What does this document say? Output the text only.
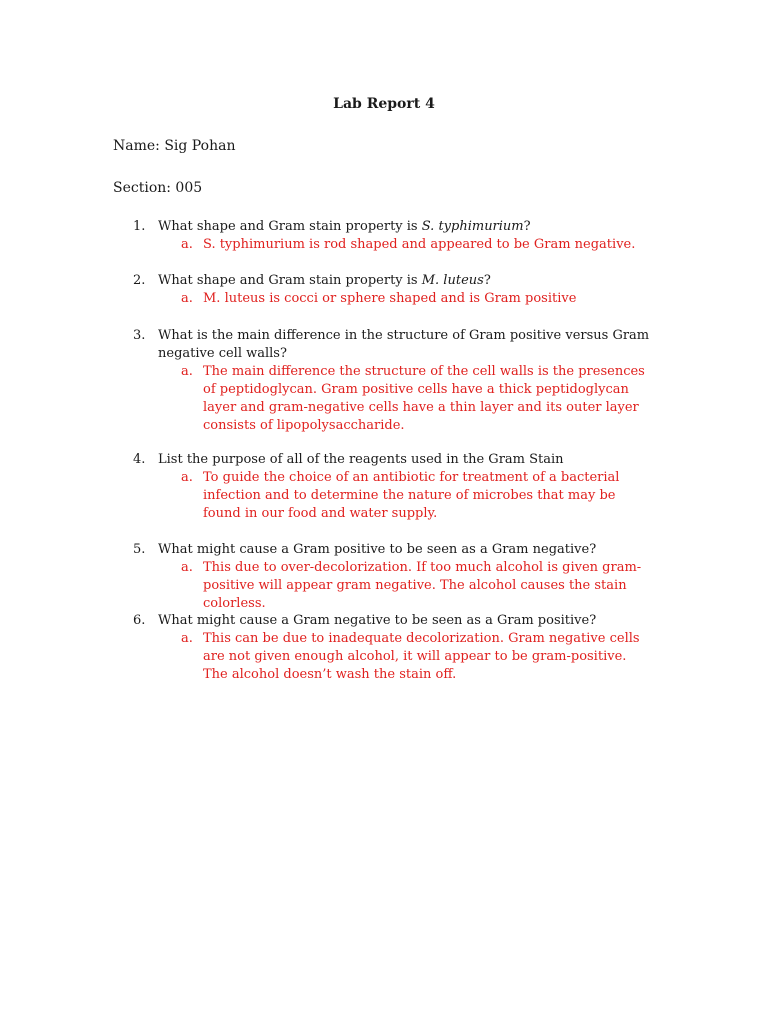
Lab Report 4
Name: Sig Pohan
Section: 005
1. What shape and Gram stain property is S. typhimurium?
a. S. typhimurium is rod shaped and appeared to be Gram negative.
2. What shape and Gram stain property is M. luteus?
a. M. luteus is cocci or sphere shaped and is Gram positive
3. What is the main difference in the structure of Gram positive versus Gram negative cell walls?
a. The main difference the structure of the cell walls is the presences of peptidoglycan. Gram positive cells have a thick peptidoglycan layer and gram-negative cells have a thin layer and its outer layer consists of lipopolysaccharide.
4. List the purpose of all of the reagents used in the Gram Stain
a. To guide the choice of an antibiotic for treatment of a bacterial infection and to determine the nature of microbes that may be found in our food and water supply.
5. What might cause a Gram positive to be seen as a Gram negative?
a. This due to over-decolorization. If too much alcohol is given gram-positive will appear gram negative. The alcohol causes the stain colorless.
6. What might cause a Gram negative to be seen as a Gram positive?
a. This can be due to inadequate decolorization. Gram negative cells are not given enough alcohol, it will appear to be gram-positive. The alcohol doesn’t wash the stain off.
